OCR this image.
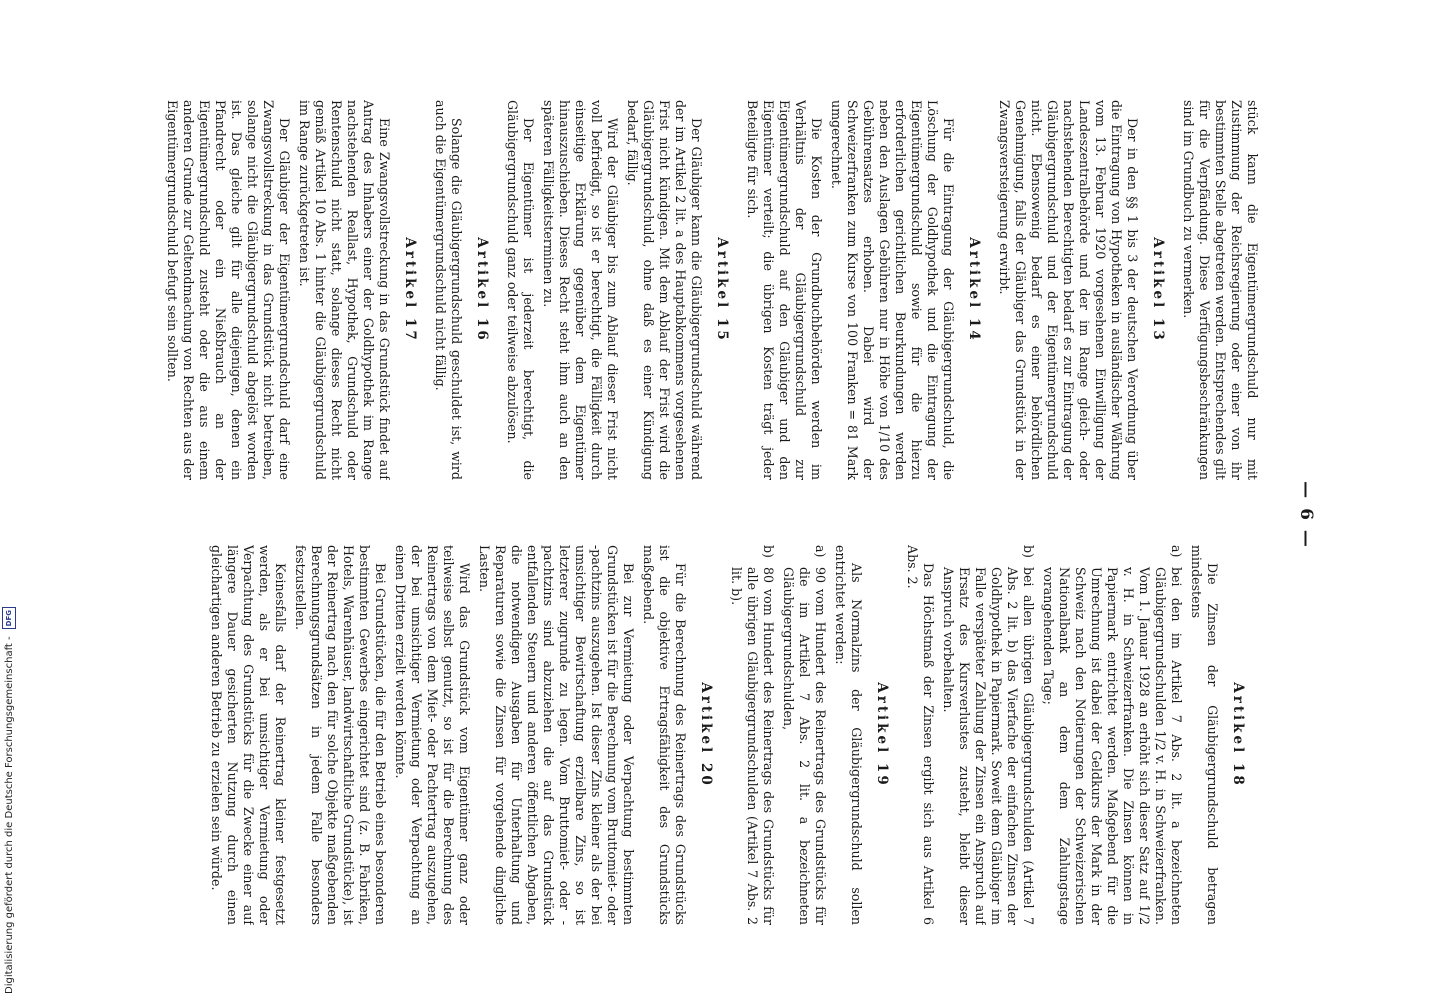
— 6 —

stück kann die Eigentümergrundschuld nur mit Zustimmung der Reichsregierung oder einer von ihr bestimmten Stelle abgetreten werden. Entsprechendes gilt für die Verpfändung. Diese Verfügungsbeschränkungen sind im Grundbuch zu vermerken.

Artikel 13

Der in den §§ 1 bis 3 der deutschen Verordnung über die Eintragung von Hypotheken in ausländischer Währung vom 13. Februar 1920 vorgesehenen Einwilligung der Landeszentralbehörde und der im Range gleich- oder nachstehenden Berechtigten bedarf es zur Eintragung der Gläubigergrundschuld und der Eigentümergrundschuld nicht. Ebensowenig bedarf es einer behördlichen Genehmigung, falls der Gläubiger das Grundstück in der Zwangsversteigerung erwirbt.

Artikel 14

Für die Eintragung der Gläubigergrundschuld, die Löschung der Goldhypothek und die Eintragung der Eigentümergrundschuld sowie für die hierzu erforderlichen gerichtlichen Beurkundungen werden neben den Auslagen Gebühren nur in Höhe von 1/10 des Gebührensatzes erhoben. Dabei wird der Schweizerfranken zum Kurse von 100 Franken = 81 Mark umgerechnet.

Die Kosten der Grundbuchbehörden werden im Verhältnis der Gläubigergrundschuld zur Eigentümergrundschuld auf den Gläubiger und den Eigentümer verteilt; die übrigen Kosten trägt jeder Beteiligte für sich.

Artikel 15

Der Gläubiger kann die Gläubigergrundschuld während der im Artikel 2 lit. a des Hauptabkommens vorgesehenen Frist nicht kündigen. Mit dem Ablauf der Frist wird die Gläubigergrundschuld, ohne daß es einer Kündigung bedarf, fällig.

Wird der Gläubiger bis zum Ablauf dieser Frist nicht voll befriedigt, so ist er berechtigt, die Fälligkeit durch einseitige Erklärung gegenüber dem Eigentümer hinauszuschieben. Dieses Recht steht ihm auch an den späteren Fälligkeitsterminen zu.

Der Eigentümer ist jederzeit berechtigt, die Gläubigergrundschuld ganz oder teilweise abzulösen.

Artikel 16

Solange die Gläubigergrundschuld geschuldet ist, wird auch die Eigentümergrundschuld nicht fällig.

Artikel 17

Eine Zwangsvollstreckung in das Grundstück findet auf Antrag des Inhabers einer der Goldhypothek im Range nachstehenden Reallast, Hypothek, Grundschuld oder Rentenschuld nicht statt, solange dieses Recht nicht gemäß Artikel 10 Abs. 1 hinter die Gläubigergrundschuld im Range zurückgetreten ist.

Der Gläubiger der Eigentümergrundschuld darf eine Zwangsvollstreckung in das Grundstück nicht betreiben, solange nicht die Gläubigergrundschuld abgelöst worden ist. Das gleiche gilt für alle diejenigen, denen ein Pfandrecht oder ein Nießbrauch an der Eigentümergrundschuld zusteht oder die aus einem anderen Grunde zur Geltendmachung von Rechten aus der Eigentümergrundschuld befugt sein sollten.

Artikel 18

Die Zinsen der Gläubigergrundschuld betragen mindestens

a)
bei den im Artikel 7 Abs. 2 lit. a bezeichneten Gläubigergrundschulden 1/2 v. H. in Schweizerfranken. Vom 1. Januar 1928 an erhöht sich dieser Satz auf 1/2 v. H. in Schweizerfranken. Die Zinsen können in Papiermark entrichtet werden. Maßgebend für die Umrechnung ist dabei der Geldkurs der Mark in der Schweiz nach den Notierungen der Schweizerischen Nationalbank an dem dem Zahlungstage vorangehenden Tage;
b)
bei allen übrigen Gläubigergrundschulden (Artikel 7 Abs. 2 lit. b) das Vierfache der einfachen Zinsen der Goldhypothek in Papiermark. Soweit dem Gläubiger im Falle verspäteter Zahlung der Zinsen ein Anspruch auf Ersatz des Kursverlustes zusteht, bleibt dieser Anspruch vorbehalten.

Das Höchstmaß der Zinsen ergibt sich aus Artikel 6 Abs. 2.

Artikel 19

Als Normalzins der Gläubigergrundschuld sollen entrichtet werden:

a)
90 vom Hundert des Reinertrags des Grundstücks für die im Artikel 7 Abs. 2 lit. a bezeichneten Gläubigergrundschulden,
b)
80 vom Hundert des Reinertrags des Grundstücks für alle übrigen Gläubigergrundschulden (Artikel 7 Abs. 2 lit. b).
Artikel 20

Für die Berechnung des Reinertrags des Grundstücks ist die objektive Ertragsfähigkeit des Grundstücks maßgebend.

Bei zur Vermietung oder Verpachtung bestimmten Grundstücken ist für die Berechnung vom Bruttomiet- oder -pachtzins auszugehen. Ist dieser Zins kleiner als der bei umsichtiger Bewirtschaftung erzielbare Zins, so ist letzterer zugrunde zu legen. Vom Bruttomiet- oder -pachtzins sind abzuziehen die auf das Grundstück entfallenden Steuern und anderen öffentlichen Abgaben, die notwendigen Ausgaben für Unterhaltung und Reparaturen sowie die Zinsen für vorgehende dingliche Lasten.

Wird das Grundstück vom Eigentümer ganz oder teilweise selbst genutzt, so ist für die Berechnung des Reinertrags von dem Miet- oder Pachtertrag auszugehen, der bei umsichtiger Vermietung oder Verpachtung an einen Dritten erzielt werden könnte.

Bei Grundstücken, die für den Betrieb eines besonderen bestimmten Gewerbes eingerichtet sind (z. B. Fabriken, Hotels, Warenhäuser, landwirtschaftliche Grundstücke), ist der Reinertrag nach den für solche Objekte maßgebenden Berechnungsgrundsätzen in jedem Falle besonders festzustellen.

Keinesfalls darf der Reinertrag kleiner festgesetzt werden, als er bei umsichtiger Vermietung oder Verpachtung des Grundstücks für die Zwecke einer auf längere Dauer gesicherten Nutzung durch einen gleichartigen anderen Betrieb zu erzielen sein würde.

Digitalisierung gefördert durch die Deutsche Forschungsgemeinschaft - DFG
